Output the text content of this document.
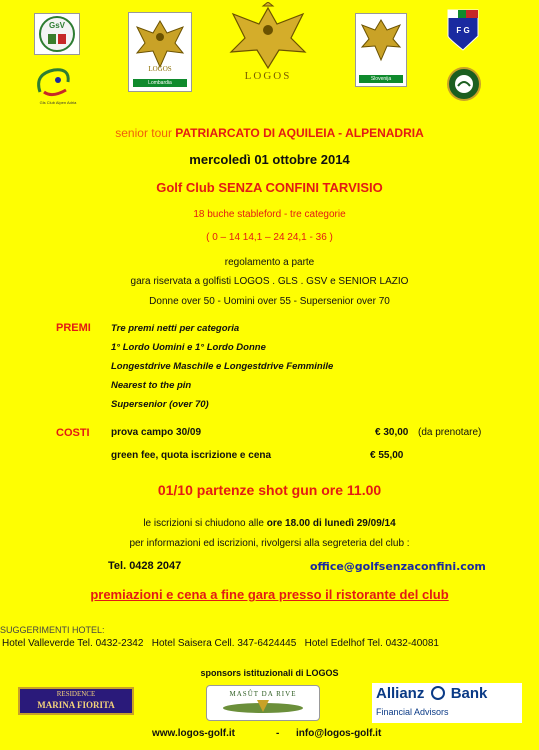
GsV
Gls Club Alpen Adria
LOGOS
Lombardia
LOGOS	Slovenija
F G
senior tour PATRIARCATO DI AQUILEIA - ALPENADRIA
mercoledì 01 ottobre 2014
Golf Club SENZA CONFINI TARVISIO
18 buche stableford - tre categorie
( 0 – 14 14,1 – 24 24,1 - 36 )
regolamento a parte
gara riservata a golfisti LOGOS . GLS . GSV e SENIOR LAZIO
Donne over 50 - Uomini over 55 - Supersenior over 70
PREMI Tre premi netti per categoria
1° Lordo Uomini e 1° Lordo Donne
Longestdrive Maschile e Longestdrive Femminile
Nearest to the pin
Supersenior (over 70)
COSTI prova campo 30/09	€ 30,00 (da prenotare)
green fee, quota iscrizione e cena	€ 55,00
01/10 partenze shot gun ore 11.00
le iscrizioni si chiudono alle ore 18.00 di lunedì 29/09/14
per informazioni ed iscrizioni, rivolgersi alla segreteria del club :
Tel. 0428 2047	office@golfsenzaconfini.com
premiazioni e cena a fine gara presso il ristorante del club
SUGGERIMENTI HOTEL:
Hotel Valleverde Tel. 0432-2342   Hotel Saisera Cell. 347-6424445   Hotel Edelhof Tel. 0432-40081
sponsors istituzionali di LOGOS
RESIDENCE
MARINA FIORITA
MASÛT DA RIVE	Allianz Bank
Financial Advisors
www.logos-golf.it	- info@logos-golf.it
